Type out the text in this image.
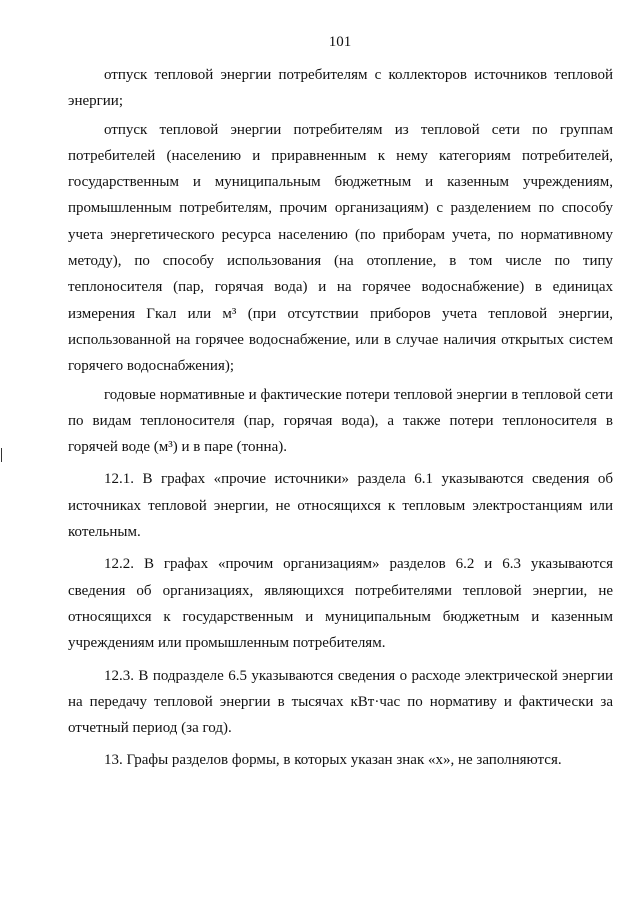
101

отпуск тепловой энергии потребителям с коллекторов источников тепловой энергии;

отпуск тепловой энергии потребителям из тепловой сети по группам потребителей (населению и приравненным к нему категориям потребителей, государственным и муниципальным бюджетным и казенным учреждениям, промышленным потребителям, прочим организациям) с разделением по способу учета энергетического ресурса населению (по приборам учета, по нормативному методу), по способу использования (на отопление, в том числе по типу теплоносителя (пар, горячая вода) и на горячее водоснабжение) в единицах измерения Гкал или м³ (при отсутствии приборов учета тепловой энергии, использованной на горячее водоснабжение, или в случае наличия открытых систем горячего водоснабжения);

годовые нормативные и фактические потери тепловой энергии в тепловой сети по видам теплоносителя (пар, горячая вода), а также потери теплоносителя в горячей воде (м³) и в паре (тонна).

12.1. В графах «прочие источники» раздела 6.1 указываются сведения об источниках тепловой энергии, не относящихся к тепловым электростанциям или котельным.

12.2. В графах «прочим организациям» разделов 6.2 и 6.3 указываются сведения об организациях, являющихся потребителями тепловой энергии, не относящихся к государственным и муниципальным бюджетным и казенным учреждениям или промышленным потребителям.

12.3. В подразделе 6.5 указываются сведения о расходе электрической энергии на передачу тепловой энергии в тысячах кВт·час по нормативу и фактически за отчетный период (за год).

13. Графы разделов формы, в которых указан знак «х», не заполняются.
